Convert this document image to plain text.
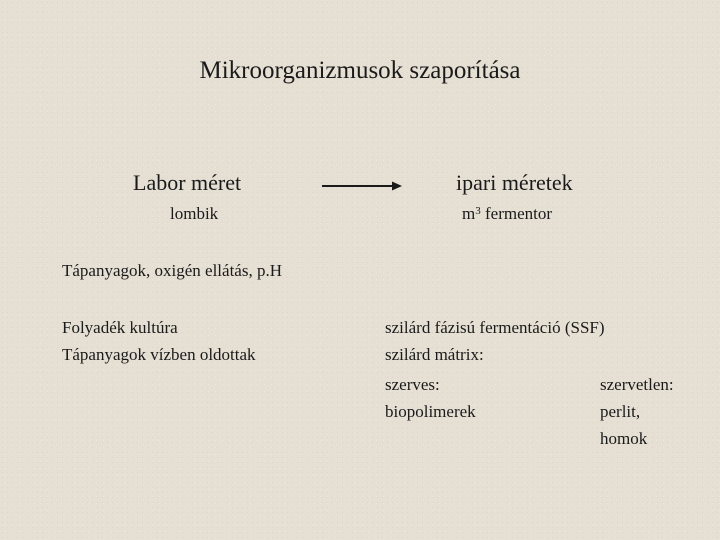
Mikroorganizmusok szaporítása
Labor méret	ipari méretek
lombik	$m^3$ fermentor
Tápanyagok, oxigén ellátás, p.H
Folyadék kultúra
Tápanyagok vízben oldottak
szilárd fázisú fermentáció (SSF)
szilárd mátrix:
szerves:
biopolimerek
szervetlen:
perlit,
homok
